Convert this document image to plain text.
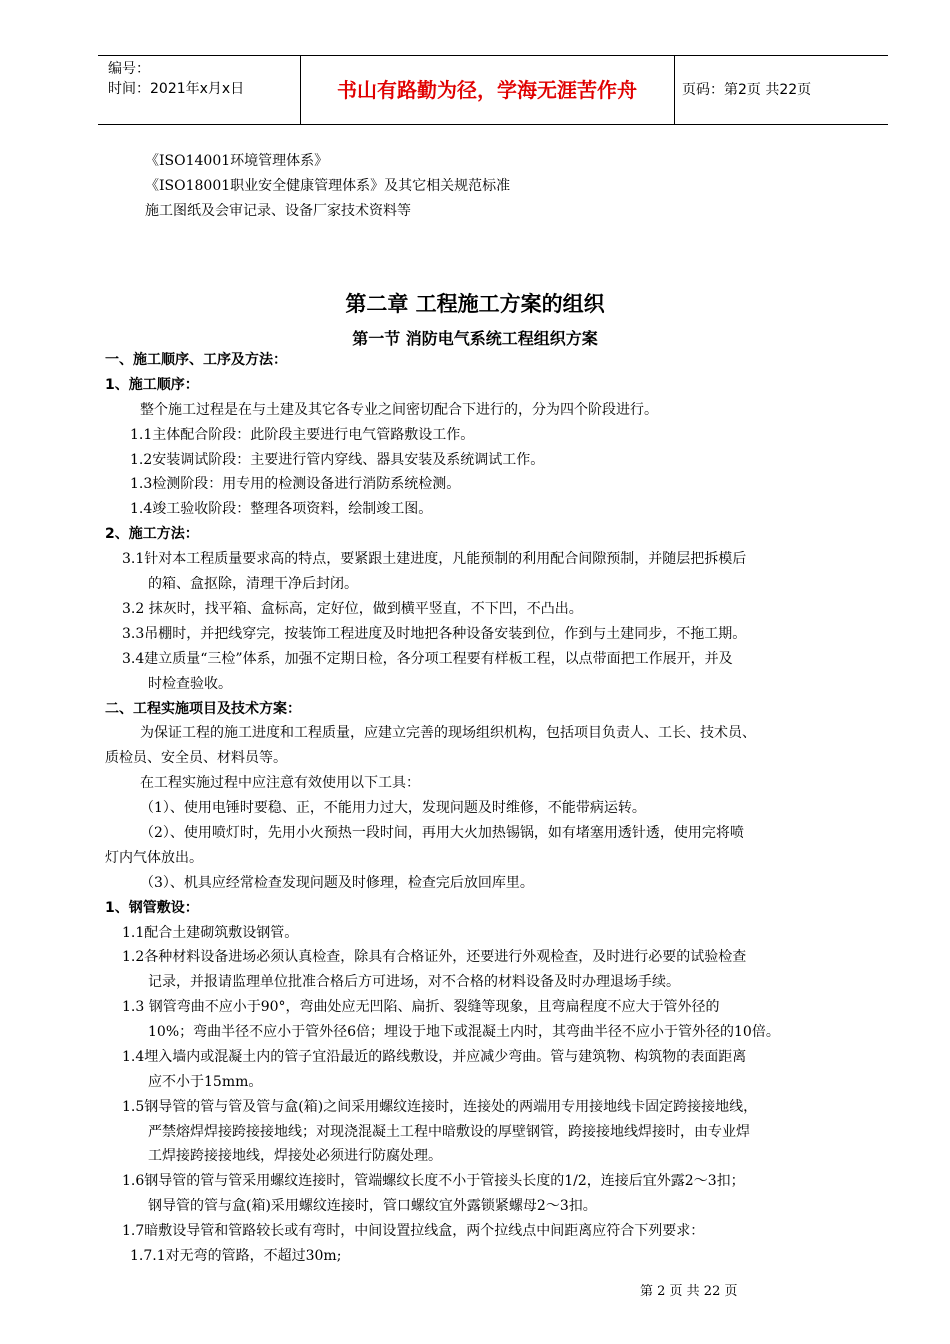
编号：
时间：2021年x月x日	书山有路勤为径，学海无涯苦作舟	页码：第2页 共22页
《ISO14001环境管理体系》
《ISO18001职业安全健康管理体系》及其它相关规范标准
施工图纸及会审记录、设备厂家技术资料等
第二章 工程施工方案的组织
第一节 消防电气系统工程组织方案
一、施工顺序、工序及方法：
1、施工顺序：
整个施工过程是在与土建及其它各专业之间密切配合下进行的，分为四个阶段进行。
1.1主体配合阶段：此阶段主要进行电气管路敷设工作。
1.2安装调试阶段：主要进行管内穿线、器具安装及系统调试工作。
1.3检测阶段：用专用的检测设备进行消防系统检测。
1.4竣工验收阶段：整理各项资料，绘制竣工图。
2、施工方法：
3.1针对本工程质量要求高的特点，要紧跟土建进度，凡能预制的利用配合间隙预制，并随层把拆模后
的箱、盒抠除，清理干净后封闭。
3.2 抹灰时，找平箱、盒标高，定好位，做到横平竖直，不下凹，不凸出。
3.3吊棚时，并把线穿完，按装饰工程进度及时地把各种设备安装到位，作到与土建同步，不拖工期。
3.4建立质量“三检”体系，加强不定期日检，各分项工程要有样板工程，以点带面把工作展开，并及
时检查验收。
二、工程实施项目及技术方案：
为保证工程的施工进度和工程质量，应建立完善的现场组织机构，包括项目负责人、工长、技术员、
质检员、安全员、材料员等。
在工程实施过程中应注意有效使用以下工具：
（1）、使用电锤时要稳、正，不能用力过大，发现问题及时维修，不能带病运转。
（2）、使用喷灯时，先用小火预热一段时间，再用大火加热锡锅，如有堵塞用透针透，使用完将喷
灯内气体放出。
（3）、机具应经常检查发现问题及时修理，检查完后放回库里。
1、钢管敷设：
1.1配合土建砌筑敷设钢管。
1.2各种材料设备进场必须认真检查，除具有合格证外，还要进行外观检查，及时进行必要的试验检查
记录，并报请监理单位批准合格后方可进场，对不合格的材料设备及时办理退场手续。
1.3 钢管弯曲不应小于90°，弯曲处应无凹陷、扁折、裂缝等现象，且弯扁程度不应大于管外径的
10%；弯曲半径不应小于管外径6倍；埋设于地下或混凝土内时，其弯曲半径不应小于管外径的10倍。
1.4埋入墙内或混凝土内的管子宜沿最近的路线敷设，并应减少弯曲。管与建筑物、构筑物的表面距离
应不小于15mm。
1.5钢导管的管与管及管与盒(箱)之间采用螺纹连接时，连接处的两端用专用接地线卡固定跨接接地线，
严禁熔焊焊接跨接接地线；对现浇混凝土工程中暗敷设的厚壁钢管，跨接接地线焊接时，由专业焊
工焊接跨接接地线，焊接处必须进行防腐处理。
1.6钢导管的管与管采用螺纹连接时，管端螺纹长度不小于管接头长度的1/2，连接后宜外露2～3扣；
钢导管的管与盒(箱)采用螺纹连接时，管口螺纹宜外露锁紧螺母2～3扣。
1.7暗敷设导管和管路较长或有弯时，中间设置拉线盒，两个拉线点中间距离应符合下列要求：
1.7.1对无弯的管路，不超过30m;
第 2 页 共 22 页
